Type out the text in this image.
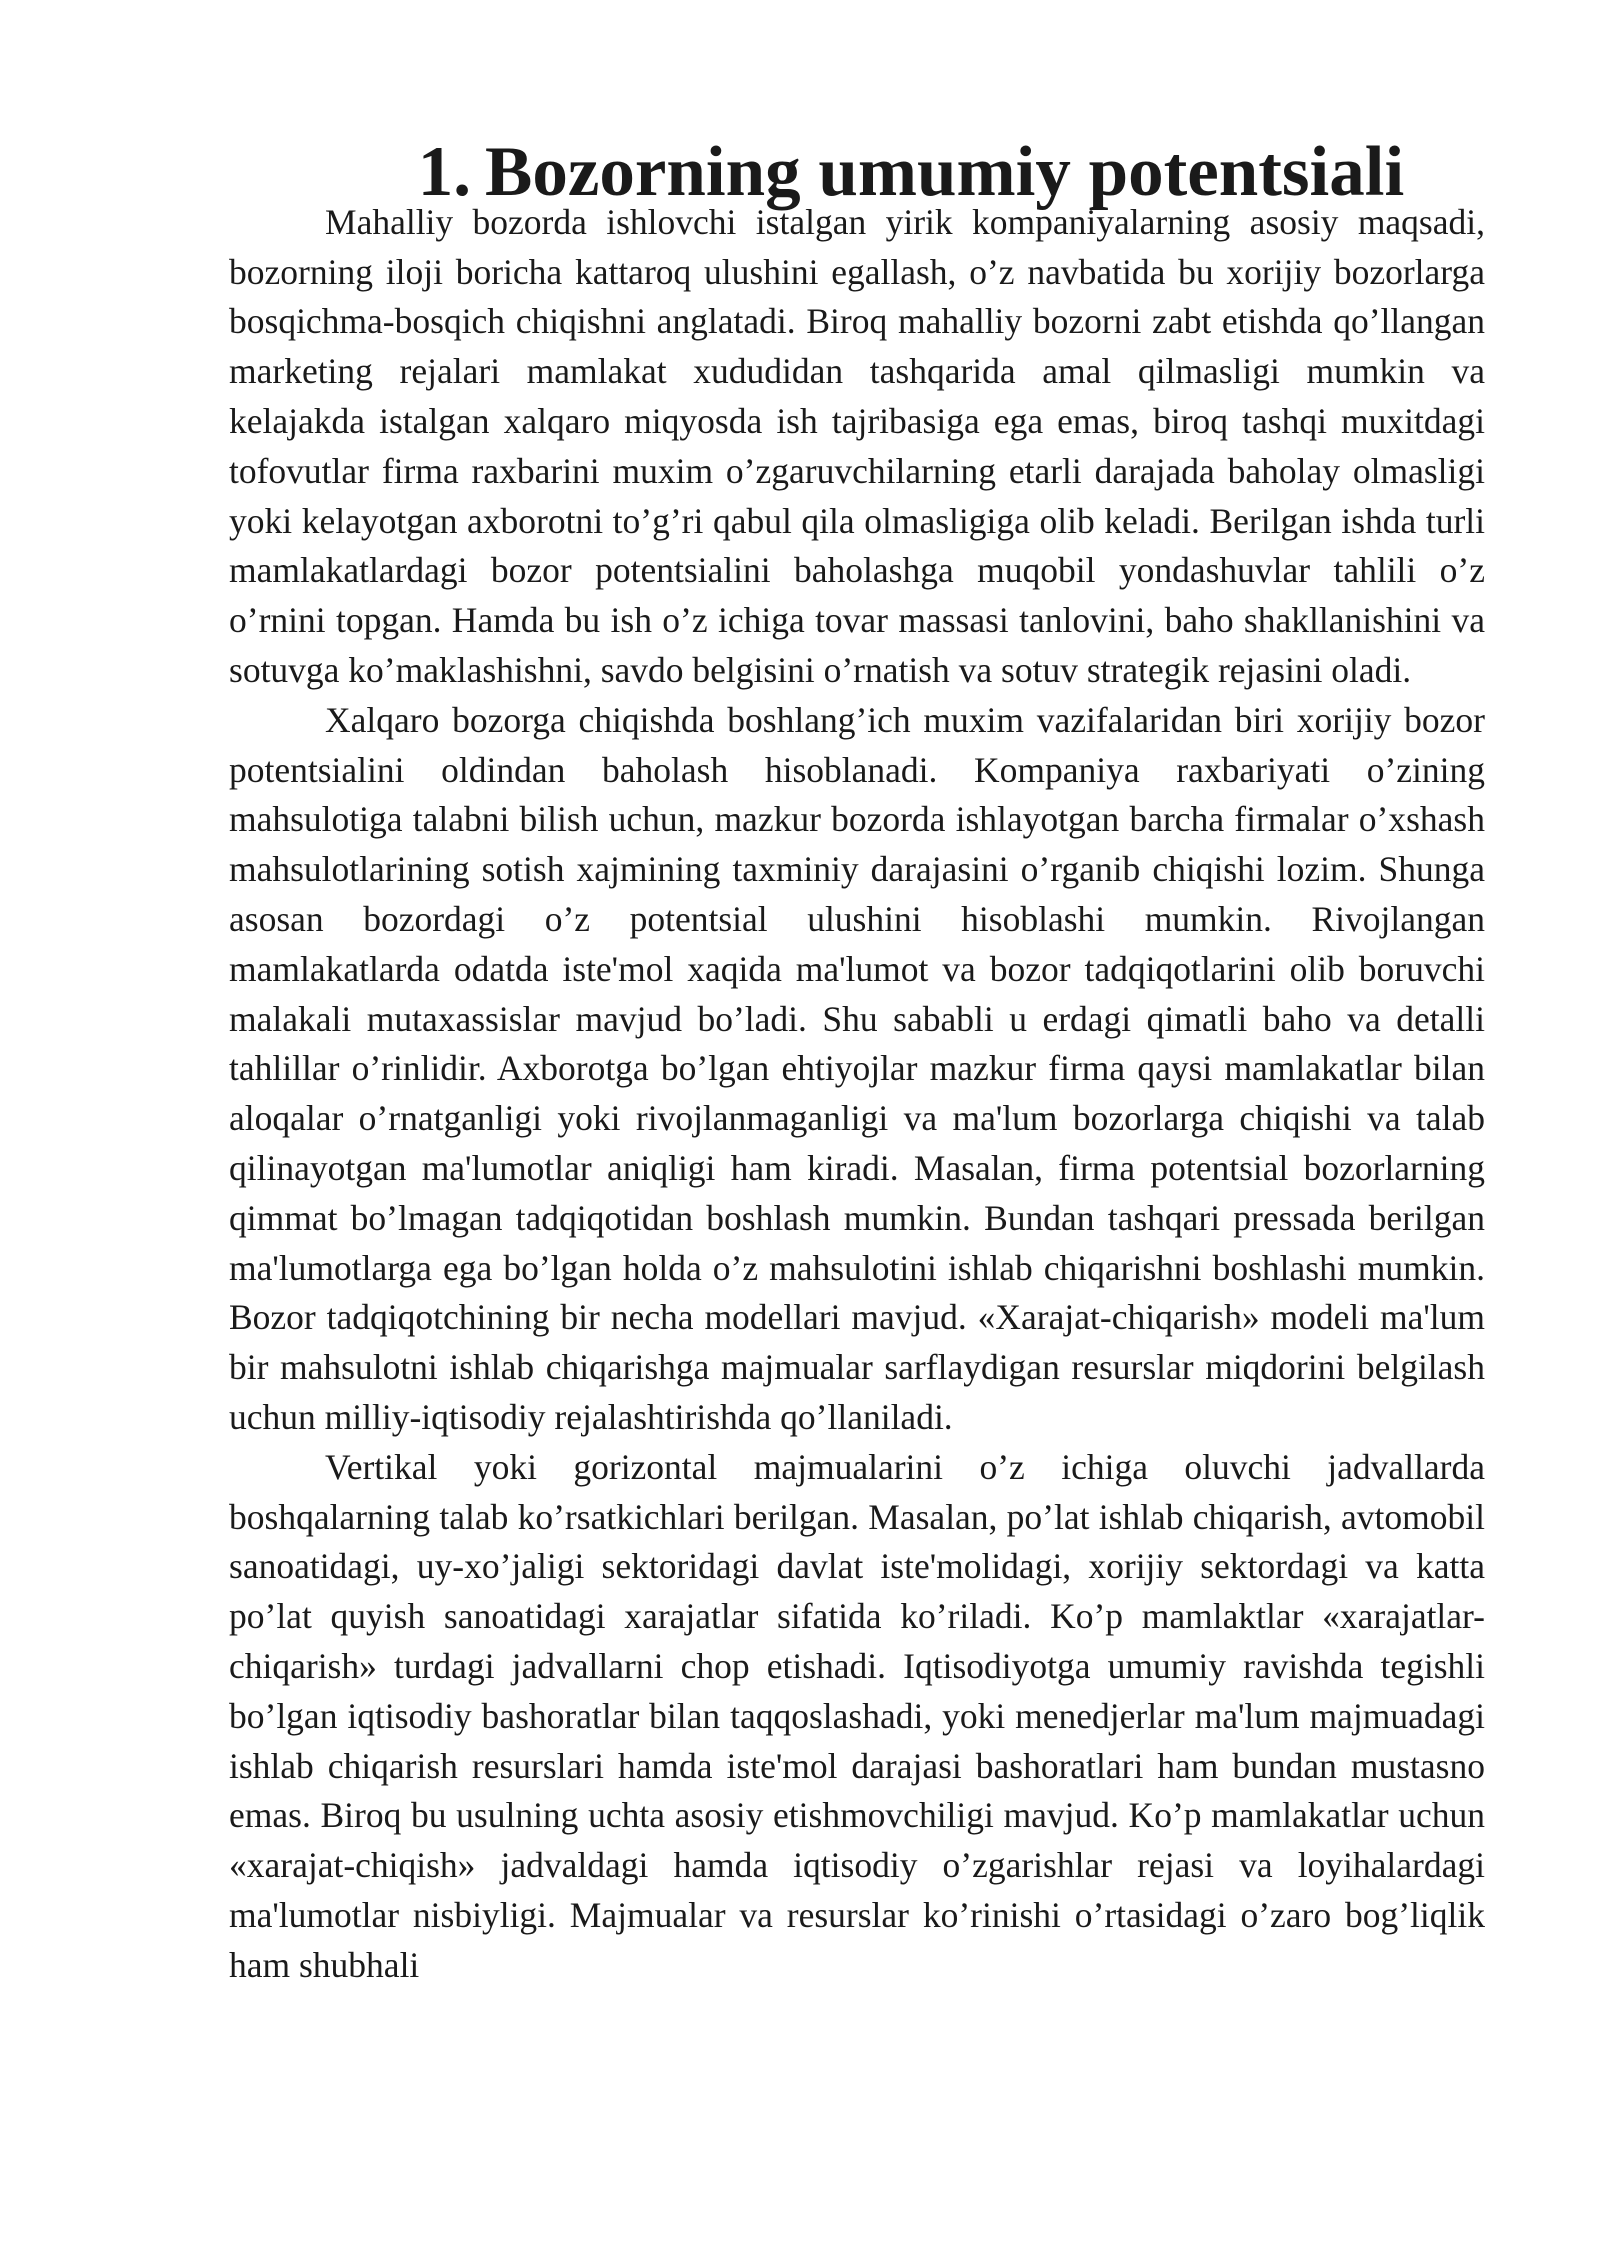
1. Bozorning umumiy potentsiali

Mahalliy bozorda ishlovchi istalgan yirik kompaniyalarning asosiy maqsadi, bozorning iloji boricha kattaroq ulushini egallash, o’z navbatida bu xorijiy bozorlarga bosqichma-bosqich chiqishni anglatadi. Biroq mahalliy bozorni zabt etishda qo’llangan marketing rejalari mamlakat xududidan tashqarida amal qilmasligi mumkin va kelajakda istalgan xalqaro miqyosda ish tajribasiga ega emas, biroq tashqi muxitdagi tofovutlar firma raxbarini muxim o’zgaruvchilarning etarli darajada baholay olmasligi yoki kelayotgan axborotni to’g’ri qabul qila olmasligiga olib keladi. Berilgan ishda turli mamlakatlardagi bozor potentsialini baholashga muqobil yondashuvlar tahlili o’z o’rnini topgan. Hamda bu ish o’z ichiga tovar massasi tanlovini, baho shakllanishini va sotuvga ko’maklashishni, savdo belgisini o’rnatish va sotuv strategik rejasini oladi.

Xalqaro bozorga chiqishda boshlang’ich muxim vazifalaridan biri xorijiy bozor potentsialini oldindan baholash hisoblanadi. Kompaniya raxbariyati o’zining mahsulotiga talabni bilish uchun, mazkur bozorda ishlayotgan barcha firmalar o’xshash mahsulotlarining sotish xajmining taxminiy darajasini o’rganib chiqishi lozim. Shunga asosan bozordagi o’z potentsial ulushini hisoblashi mumkin. Rivojlangan mamlakatlarda odatda iste'mol xaqida ma'lumot va bozor tadqiqotlarini olib boruvchi malakali mutaxassislar mavjud bo’ladi. Shu sababli u erdagi qimatli baho va detalli tahlillar o’rinlidir. Axborotga bo’lgan ehtiyojlar mazkur firma qaysi mamlakatlar bilan aloqalar o’rnatganligi yoki rivojlanmaganligi va ma'lum bozorlarga chiqishi va talab qilinayotgan ma'lumotlar aniqligi ham kiradi. Masalan, firma potentsial bozorlarning qimmat bo’lmagan tadqiqotidan boshlash mumkin. Bundan tashqari pressada berilgan ma'lumotlarga ega bo’lgan holda o’z mahsulotini ishlab chiqarishni boshlashi mumkin. Bozor tadqiqotchining bir necha modellari mavjud. «Xarajat-chiqarish» modeli ma'lum bir mahsulotni ishlab chiqarishga majmualar sarflaydigan resurslar miqdorini belgilash uchun milliy-iqtisodiy rejalashtirishda qo’llaniladi.

Vertikal yoki gorizontal majmualarini o’z ichiga oluvchi jadvallarda boshqalarning talab ko’rsatkichlari berilgan. Masalan, po’lat ishlab chiqarish, avtomobil sanoatidagi, uy-xo’jaligi sektoridagi davlat iste'molidagi, xorijiy sektordagi va katta po’lat quyish sanoatidagi xarajatlar sifatida ko’riladi. Ko’p mamlaktlar «xarajatlar-chiqarish» turdagi jadvallarni chop etishadi. Iqtisodiyotga umumiy ravishda tegishli bo’lgan iqtisodiy bashoratlar bilan taqqoslashadi, yoki menedjerlar ma'lum majmuadagi ishlab chiqarish resurslari hamda iste'mol darajasi bashoratlari ham bundan mustasno emas. Biroq bu usulning uchta asosiy etishmovchiligi mavjud. Ko’p mamlakatlar uchun «xarajat-chiqish» jadvaldagi hamda iqtisodiy o’zgarishlar rejasi va loyihalardagi ma'lumotlar nisbiyligi. Majmualar va resurslar ko’rinishi o’rtasidagi o’zaro bog’liqlik ham shubhali
